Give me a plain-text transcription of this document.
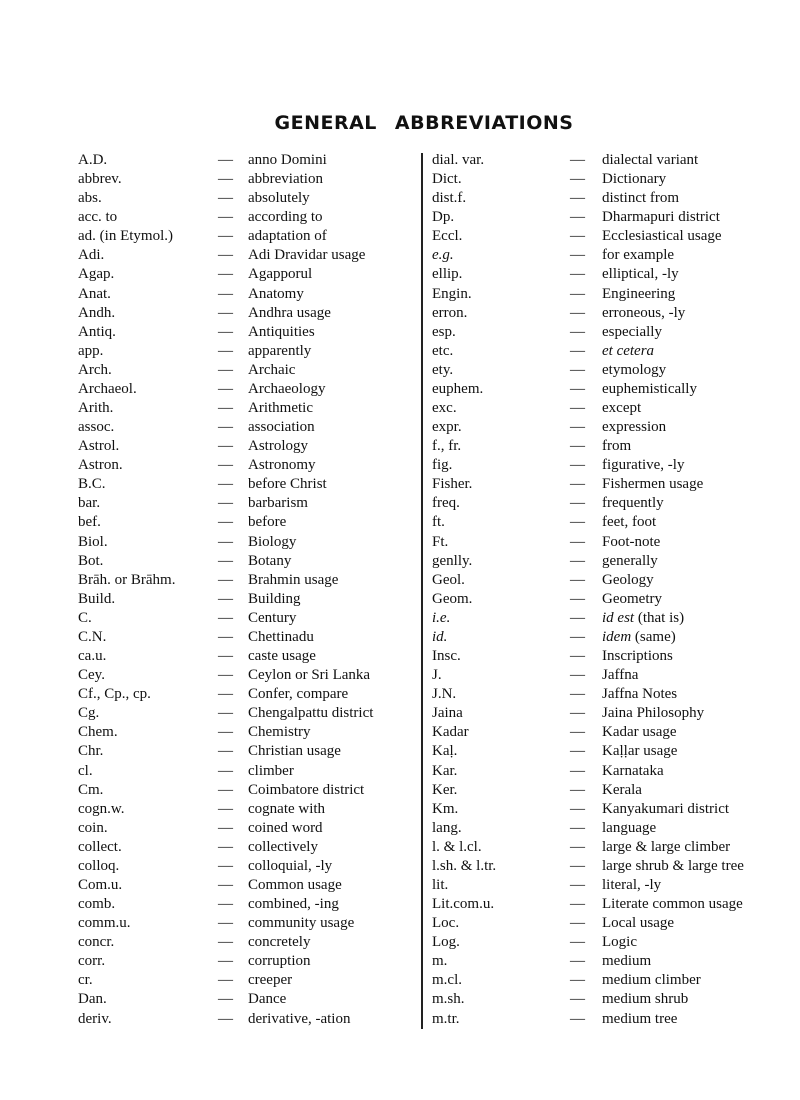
GENERAL ABBREVIATIONS
A.D.	— anno Domini
abbrev.	— abbreviation
abs.	— absolutely
acc. to	— according to
ad. (in Etymol.)	— adaptation of
Adi.	— Adi Dravidar usage
Agap.	— Agapporul
Anat.	— Anatomy
Andh.	— Andhra usage
Antiq.	— Antiquities
app.	— apparently
Arch.	— Archaic
Archaeol.	— Archaeology
Arith.	— Arithmetic
assoc.	— association
Astrol.	— Astrology
Astron.	— Astronomy
B.C.	— before Christ
bar.	— barbarism
bef.	— before
Biol.	— Biology
Bot.	— Botany
Brāh. or Brāhm.	— Brahmin usage
Build.	— Building
C.	— Century
C.N.	— Chettinadu
ca.u.	— caste usage
Cey.	— Ceylon or Sri Lanka
Cf., Cp., cp.	— Confer, compare
Cg.	— Chengalpattu district
Chem.	— Chemistry
Chr.	— Christian usage
cl.	— climber
Cm.	— Coimbatore district
cogn.w.	— cognate with
coin.	— coined word
collect.	— collectively
colloq.	— colloquial, -ly
Com.u.	— Common usage
comb.	— combined, -ing
comm.u.	— community usage
concr.	— concretely
corr.	— corruption
cr.	— creeper
Dan.	— Dance
deriv.	— derivative, -ation
dial. var.	— dialectal variant
Dict.	— Dictionary
dist.f.	— distinct from
Dp.	— Dharmapuri district
Eccl.	— Ecclesiastical usage
e.g.	— for example
ellip.	— elliptical, -ly
Engin.	— Engineering
erron.	— erroneous, -ly
esp.	— especially
etc.	— et cetera
ety.	— etymology
euphem.	— euphemistically
exc.	— except
expr.	— expression
f., fr.	— from
fig.	— figurative, -ly
Fisher.	— Fishermen usage
freq.	— frequently
ft.	— feet, foot
Ft.	— Foot-note
genlly.	— generally
Geol.	— Geology
Geom.	— Geometry
i.e.	— id est (that is)
id.	— idem (same)
Insc.	— Inscriptions
J.	— Jaffna
J.N.	— Jaffna Notes
Jaina	— Jaina Philosophy
Kadar	— Kadar usage
Kaḷ.	— Kaḷḷar usage
Kar.	— Karnataka
Ker.	— Kerala
Km.	— Kanyakumari district
lang.	— language
l. & l.cl.	— large & large climber
l.sh. & l.tr.	— large shrub & large tree
lit.	— literal, -ly
Lit.com.u.	— Literate common usage
Loc.	— Local usage
Log.	— Logic
m.	— medium
m.cl.	— medium climber
m.sh.	— medium shrub
m.tr.	— medium tree
